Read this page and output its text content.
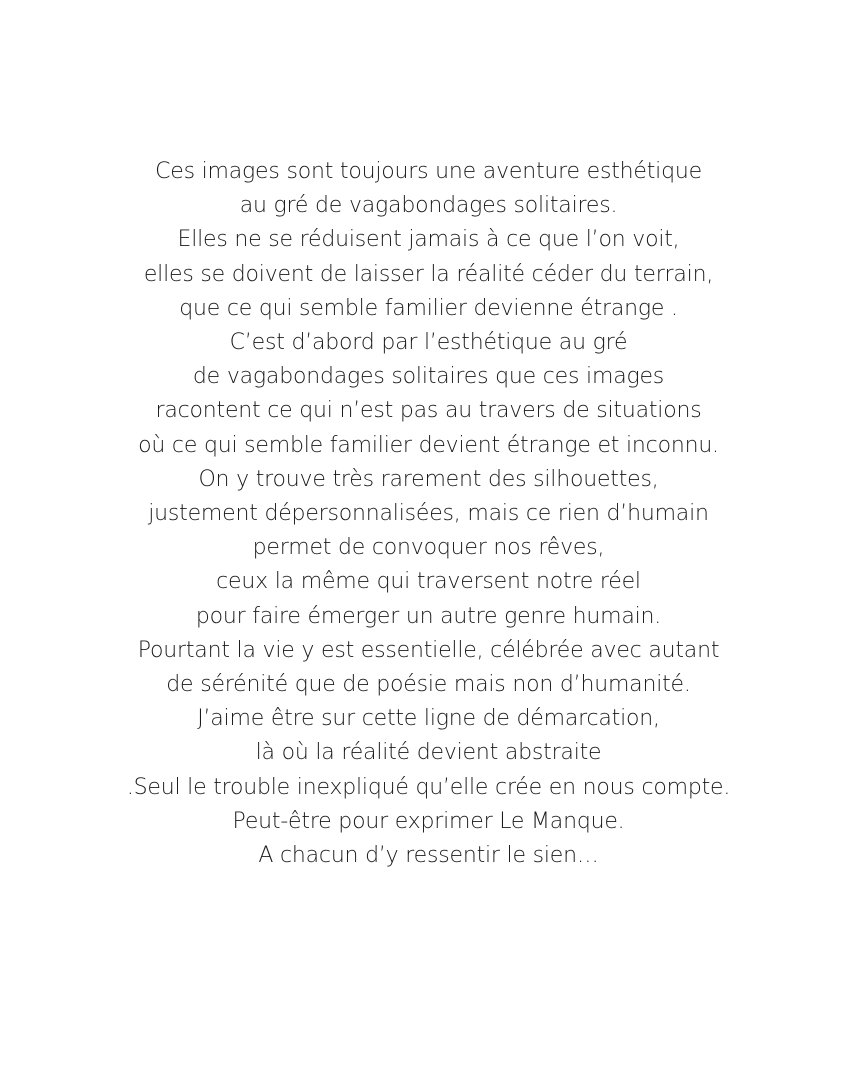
Ces images sont toujours une aventure esthétique
au gré de vagabondages solitaires.
Elles ne se réduisent jamais à ce que l’on voit,
elles se doivent de laisser la réalité céder du terrain,
que ce qui semble familier devienne étrange .
C’est d’abord par l’esthétique au gré
de vagabondages solitaires que ces images
racontent ce qui n’est pas au travers de situations
où ce qui semble familier devient étrange et inconnu.
On y trouve très rarement des silhouettes,
justement dépersonnalisées, mais ce rien d’humain
permet de convoquer nos rêves,
ceux la même qui traversent notre réel
pour faire émerger un autre genre humain.
Pourtant la vie y est essentielle, célébrée avec autant
de sérénité que de poésie mais non d’humanité.
J’aime être sur cette ligne de démarcation,
là où la réalité devient abstraite
.Seul le trouble inexpliqué qu’elle crée en nous compte.
Peut-être pour exprimer Le Manque.
A chacun d’y ressentir le sien…
